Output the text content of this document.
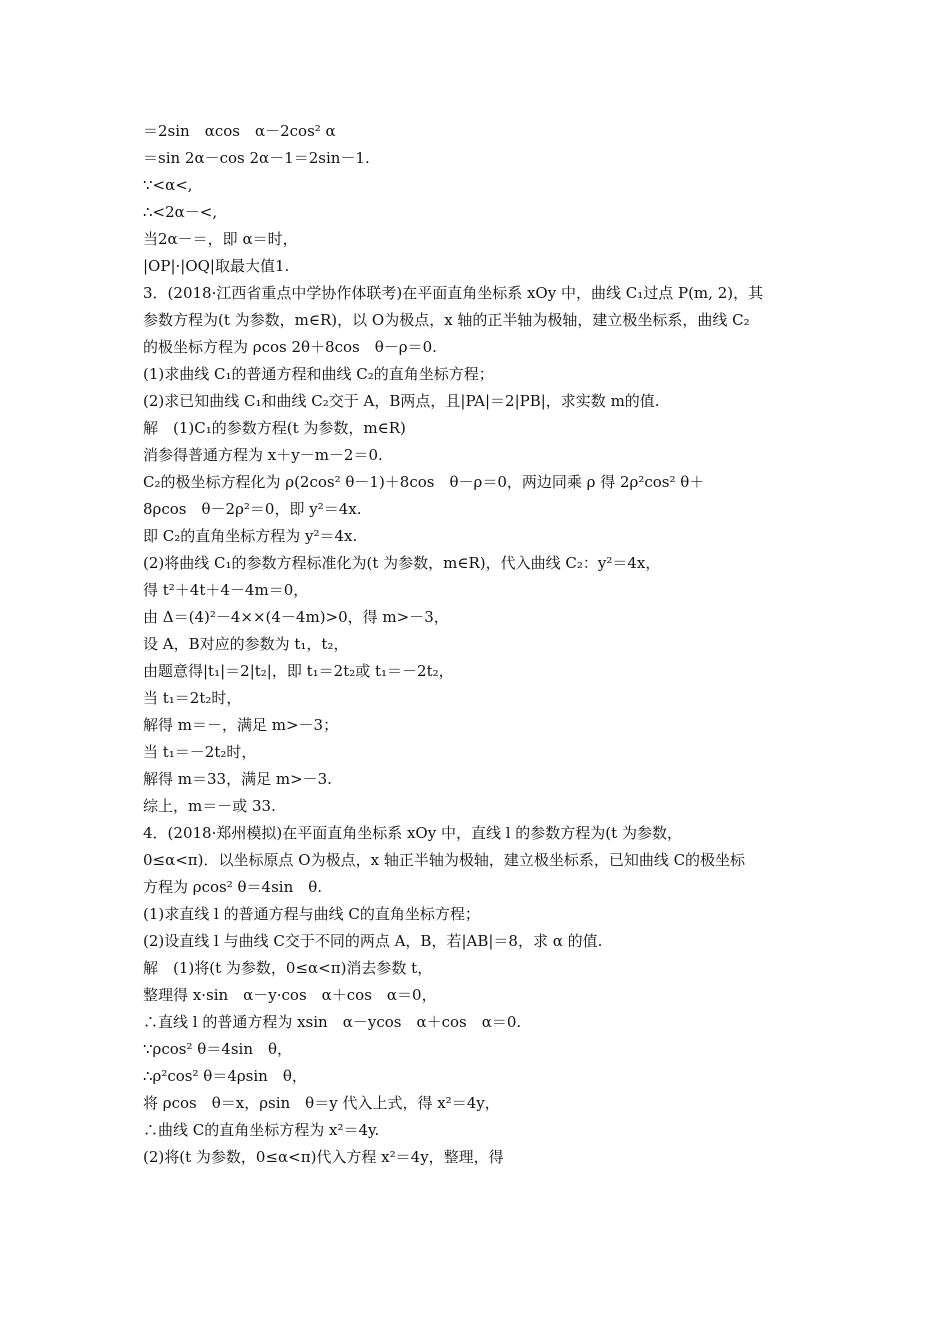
＝2sin　αcos　α－2cos² α
＝sin 2α－cos 2α－1＝2sin－1.
∵<α<,
∴<2α－<,
当2α－＝，即 α＝时，
|OP|·|OQ|取最大值1.
3．(2018·江西省重点中学协作体联考)在平面直角坐标系 xOy 中，曲线 C₁过点 P(m, 2)，其
参数方程为(t 为参数，m∈R)，以 O为极点，x 轴的正半轴为极轴，建立极坐标系，曲线 C₂
的极坐标方程为 ρcos 2θ＋8cos　θ－ρ＝0.
(1)求曲线 C₁的普通方程和曲线 C₂的直角坐标方程；
(2)求已知曲线 C₁和曲线 C₂交于 A，B两点，且|PA|＝2|PB|，求实数 m的值.
解　(1)C₁的参数方程(t 为参数，m∈R)
消参得普通方程为 x＋y－m－2＝0.
C₂的极坐标方程化为 ρ(2cos² θ－1)＋8cos　θ－ρ＝0，两边同乘 ρ 得 2ρ²cos² θ＋
8ρcos　θ－2ρ²＝0，即 y²＝4x.
即 C₂的直角坐标方程为 y²＝4x.
(2)将曲线 C₁的参数方程标准化为(t 为参数，m∈R)，代入曲线 C₂：y²＝4x，
得 t²＋4t＋4－4m＝0，
由 Δ＝(4)²－4××(4－4m)>0，得 m>－3，
设 A，B对应的参数为 t₁，t₂，
由题意得|t₁|＝2|t₂|，即 t₁＝2t₂或 t₁＝－2t₂，
当 t₁＝2t₂时，
解得 m＝－，满足 m>－3；
当 t₁＝－2t₂时，
解得 m＝33，满足 m>－3.
综上，m＝－或 33.
4．(2018·郑州模拟)在平面直角坐标系 xOy 中，直线 l 的参数方程为(t 为参数，
0≤α<π)．以坐标原点 O为极点，x 轴正半轴为极轴，建立极坐标系，已知曲线 C的极坐标
方程为 ρcos² θ＝4sin　θ.
(1)求直线 l 的普通方程与曲线 C的直角坐标方程；
(2)设直线 l 与曲线 C交于不同的两点 A，B，若|AB|＝8，求 α 的值.
解　(1)将(t 为参数，0≤α<π)消去参数 t，
整理得 x·sin　α－y·cos　α＋cos　α＝0，
∴直线 l 的普通方程为 xsin　α－ycos　α＋cos　α＝0.
∵ρcos² θ＝4sin　θ，
∴ρ²cos² θ＝4ρsin　θ，
将 ρcos　θ＝x，ρsin　θ＝y 代入上式，得 x²＝4y，
∴曲线 C的直角坐标方程为 x²＝4y.
(2)将(t 为参数，0≤α<π)代入方程 x²＝4y，整理，得
